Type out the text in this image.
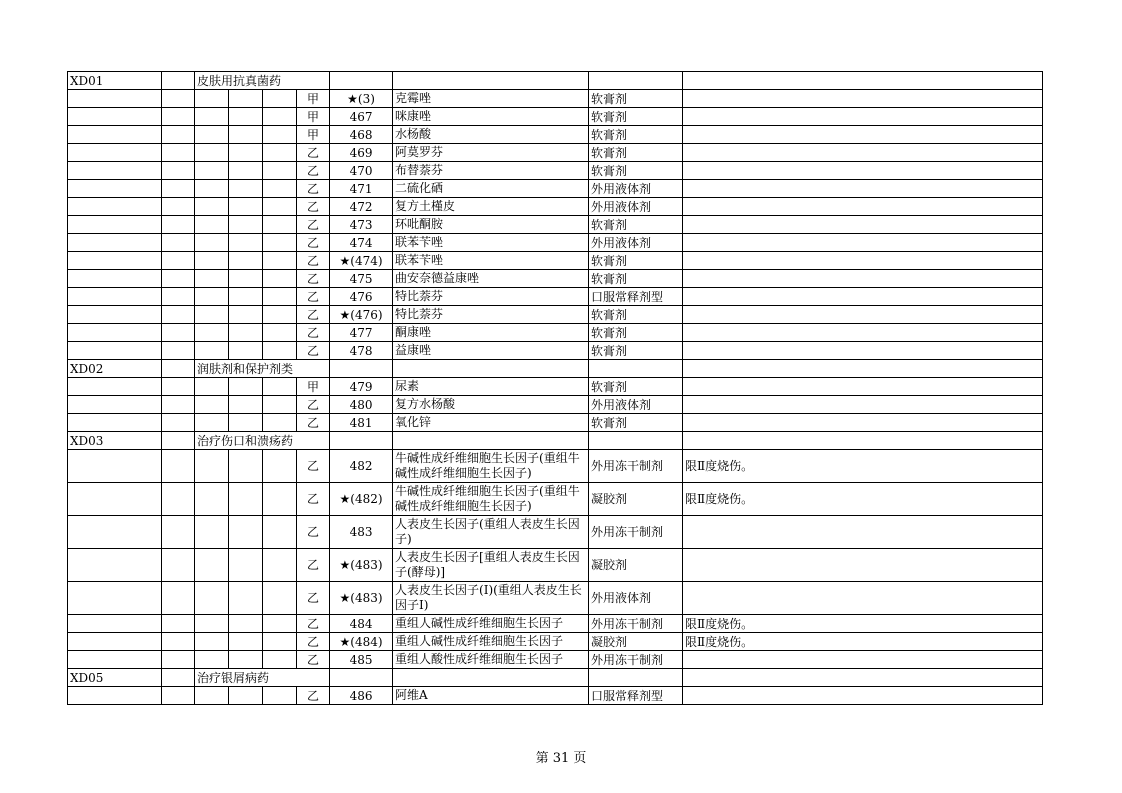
XD01		皮肤用抗真菌药								
					甲	★(3)	克霉唑	软膏剂		
					甲	467	咪康唑	软膏剂		
					甲	468	水杨酸	软膏剂		
					乙	469	阿莫罗芬	软膏剂		
					乙	470	布替萘芬	软膏剂		
					乙	471	二硫化硒	外用液体剂		
					乙	472	复方土槿皮	外用液体剂		
					乙	473	环吡酮胺	软膏剂		
					乙	474	联苯苄唑	外用液体剂		
					乙	★(474)	联苯苄唑	软膏剂		
					乙	475	曲安奈德益康唑	软膏剂		
					乙	476	特比萘芬	口服常释剂型		
					乙	★(476)	特比萘芬	软膏剂		
					乙	477	酮康唑	软膏剂		
					乙	478	益康唑	软膏剂		
XD02		润肤剂和保护剂类								
					甲	479	尿素	软膏剂		
					乙	480	复方水杨酸	外用液体剂		
					乙	481	氧化锌	软膏剂		
XD03		治疗伤口和溃疡药								
					乙	482	牛碱性成纤维细胞生长因子(重组牛碱性成纤维细胞生长因子)	外用冻干制剂	限Ⅱ度烧伤。	
					乙	★(482)	牛碱性成纤维细胞生长因子(重组牛碱性成纤维细胞生长因子)	凝胶剂	限Ⅱ度烧伤。	
					乙	483	人表皮生长因子(重组人表皮生长因子)	外用冻干制剂		
					乙	★(483)	人表皮生长因子[重组人表皮生长因子(酵母)]	凝胶剂		
					乙	★(483)	人表皮生长因子(Ⅰ)(重组人表皮生长因子Ⅰ)	外用液体剂		
					乙	484	重组人碱性成纤维细胞生长因子	外用冻干制剂	限Ⅱ度烧伤。	
					乙	★(484)	重组人碱性成纤维细胞生长因子	凝胶剂	限Ⅱ度烧伤。	
					乙	485	重组人酸性成纤维细胞生长因子	外用冻干制剂		
XD05		治疗银屑病药								
					乙	486	阿维A	口服常释剂型		
第 31 页
